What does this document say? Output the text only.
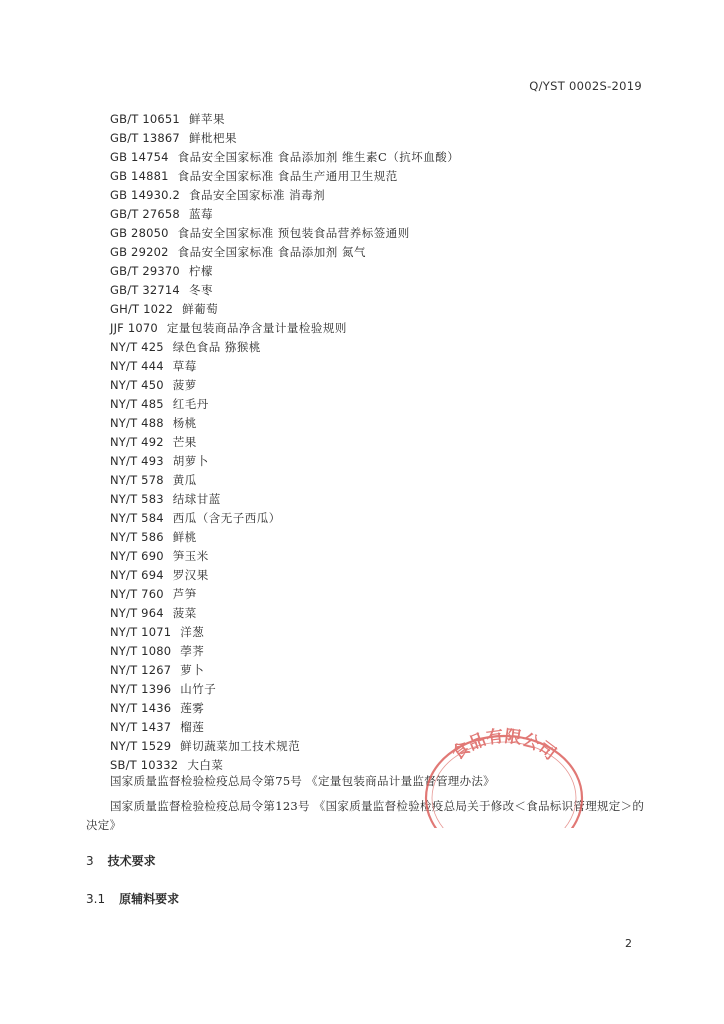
Q/YST 0002S-2019
GB/T 10651 鲜苹果
GB/T 13867 鲜枇杷果
GB 14754 食品安全国家标准 食品添加剂 维生素C（抗坏血酸）
GB 14881 食品安全国家标准 食品生产通用卫生规范
GB 14930.2 食品安全国家标准 消毒剂
GB/T 27658 蓝莓
GB 28050 食品安全国家标准 预包装食品营养标签通则
GB 29202 食品安全国家标准 食品添加剂 氮气
GB/T 29370 柠檬
GB/T 32714 冬枣
GH/T 1022 鲜葡萄
JJF 1070 定量包装商品净含量计量检验规则
NY/T 425 绿色食品 猕猴桃
NY/T 444 草莓
NY/T 450 菠萝
NY/T 485 红毛丹
NY/T 488 杨桃
NY/T 492 芒果
NY/T 493 胡萝卜
NY/T 578 黄瓜
NY/T 583 结球甘蓝
NY/T 584 西瓜（含无子西瓜）
NY/T 586 鲜桃
NY/T 690 笋玉米
NY/T 694 罗汉果
NY/T 760 芦笋
NY/T 964 菠菜
NY/T 1071 洋葱
NY/T 1080 荸荠
NY/T 1267 萝卜
NY/T 1396 山竹子
NY/T 1436 莲雾
NY/T 1437 榴莲
NY/T 1529 鲜切蔬菜加工技术规范
SB/T 10332 大白菜
国家质量监督检验检疫总局令第75号 《定量包装商品计量监督管理办法》
国家质量监督检验检疫总局令第123号 《国家质量监督检验检疫总局关于修改＜食品标识管理规定＞的决定》
3 技术要求
3.1 原辅料要求
食品有限公司
2
